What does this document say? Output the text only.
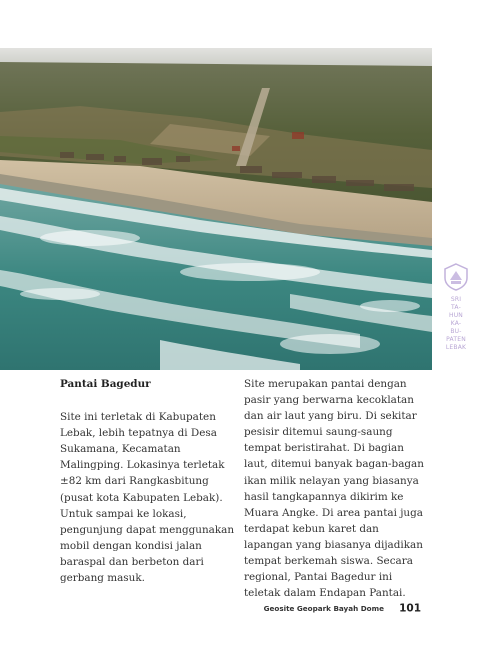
SRI
TA-
HUN
KA-
BU-
PATEN
LEBAK
Pantai Bagedur

Site ini terletak di Kabupaten Lebak, lebih tepatnya di Desa Sukamana, Kecamatan Malingping. Lokasinya terletak ±82 km dari Rangkasbitung (pusat kota Kabupaten Lebak). Untuk sampai ke lokasi, pengunjung dapat menggunakan mobil dengan kondisi jalan baraspal dan berbeton dari gerbang masuk.

Site merupakan pantai dengan pasir yang berwarna kecoklatan dan air laut yang biru. Di sekitar pesisir ditemui saung-saung tempat beristirahat. Di bagian laut, ditemui banyak bagan-bagan ikan milik nelayan yang biasanya hasil tangkapannya dikirim ke Muara Angke. Di area pantai juga terdapat kebun karet dan lapangan yang biasanya dijadikan tempat berkemah siswa. Secara regional, Pantai Bagedur ini teletak dalam Endapan Pantai.

Geosite Geopark Bayah Dome 101
